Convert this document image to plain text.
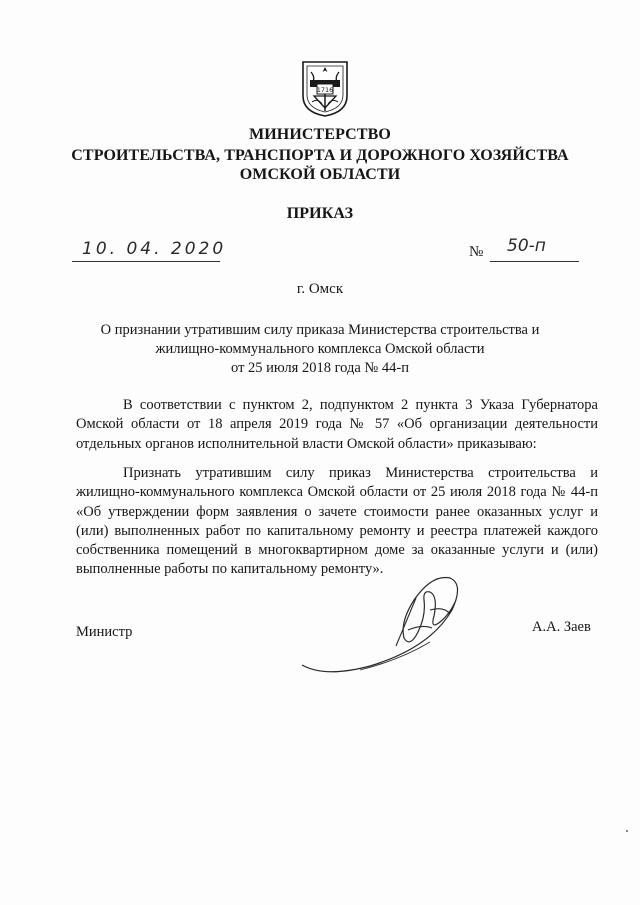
1716
МИНИСТЕРСТВО
СТРОИТЕЛЬСТВА, ТРАНСПОРТА И ДОРОЖНОГО ХОЗЯЙСТВА
ОМСКОЙ ОБЛАСТИ
ПРИКАЗ
10. 04. 2020	№ 50-п
г. Омск
О признании утратившим силу приказа Министерства строительства и
жилищно-коммунального комплекса Омской области
от 25 июля 2018 года № 44-п
В соответствии с пунктом 2, подпунктом 2 пункта 3 Указа Губернатора Омской области от 18 апреля 2019 года № 57 «Об организации деятельности отдельных органов исполнительной власти Омской области» приказываю:
Признать утратившим силу приказ Министерства строительства и жилищно-коммунального комплекса Омской области от 25 июля 2018 года № 44-п «Об утверждении форм заявления о зачете стоимости ранее оказанных услуг и (или) выполненных работ по капитальному ремонту и реестра платежей каждого собственника помещений в многоквартирном доме за оказанные услуги и (или) выполненные работы по капитальному ремонту».
Министр	А.А. Заев
